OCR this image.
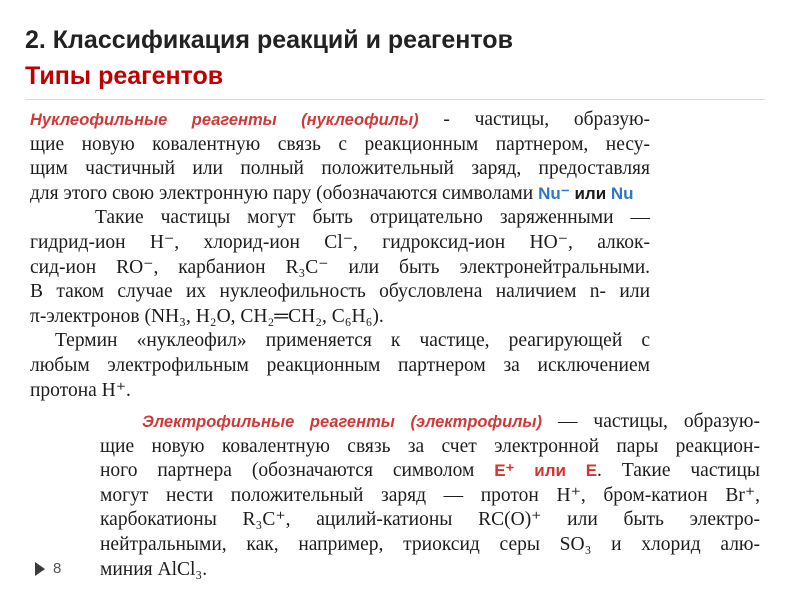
2. Классификация реакций и реагентов
Типы реагентов
Нуклеофильные реагенты (нуклеофилы) - частицы, образую-
щие новую ковалентную связь с реакционным партнером, несу-
щим частичный или полный положительный заряд, предоставляя
для этого свою электронную пару (обозначаются символами Nu⁻ или Nu
Такие частицы могут быть отрицательно заряженными —
гидрид-ион H⁻, хлорид-ион Cl⁻, гидроксид-ион HO⁻, алкок-
сид-ион RO⁻, карбанион R₃C⁻ или быть электронейтральными.
В таком случае их нуклеофильность обусловлена наличием n- или
π-электронов (NH₃, H₂O, CH₂═CH₂, C₆H₆).
Термин «нуклеофил» применяется к частице, реагирующей с
любым электрофильным реакционным партнером за исключением
протона H⁺.
Электрофильные реагенты (электрофилы) — частицы, образую-
щие новую ковалентную связь за счет электронной пары реакцион-
ного партнера (обозначаются символом E⁺ или E. Такие частицы
могут нести положительный заряд — протон H⁺, бром-катион Br⁺,
карбокатионы R₃C⁺, ацилий-катионы RC(O)⁺ или быть электро-
нейтральными, как, например, триоксид серы SO₃ и хлорид алю-
миния AlCl₃.
8
